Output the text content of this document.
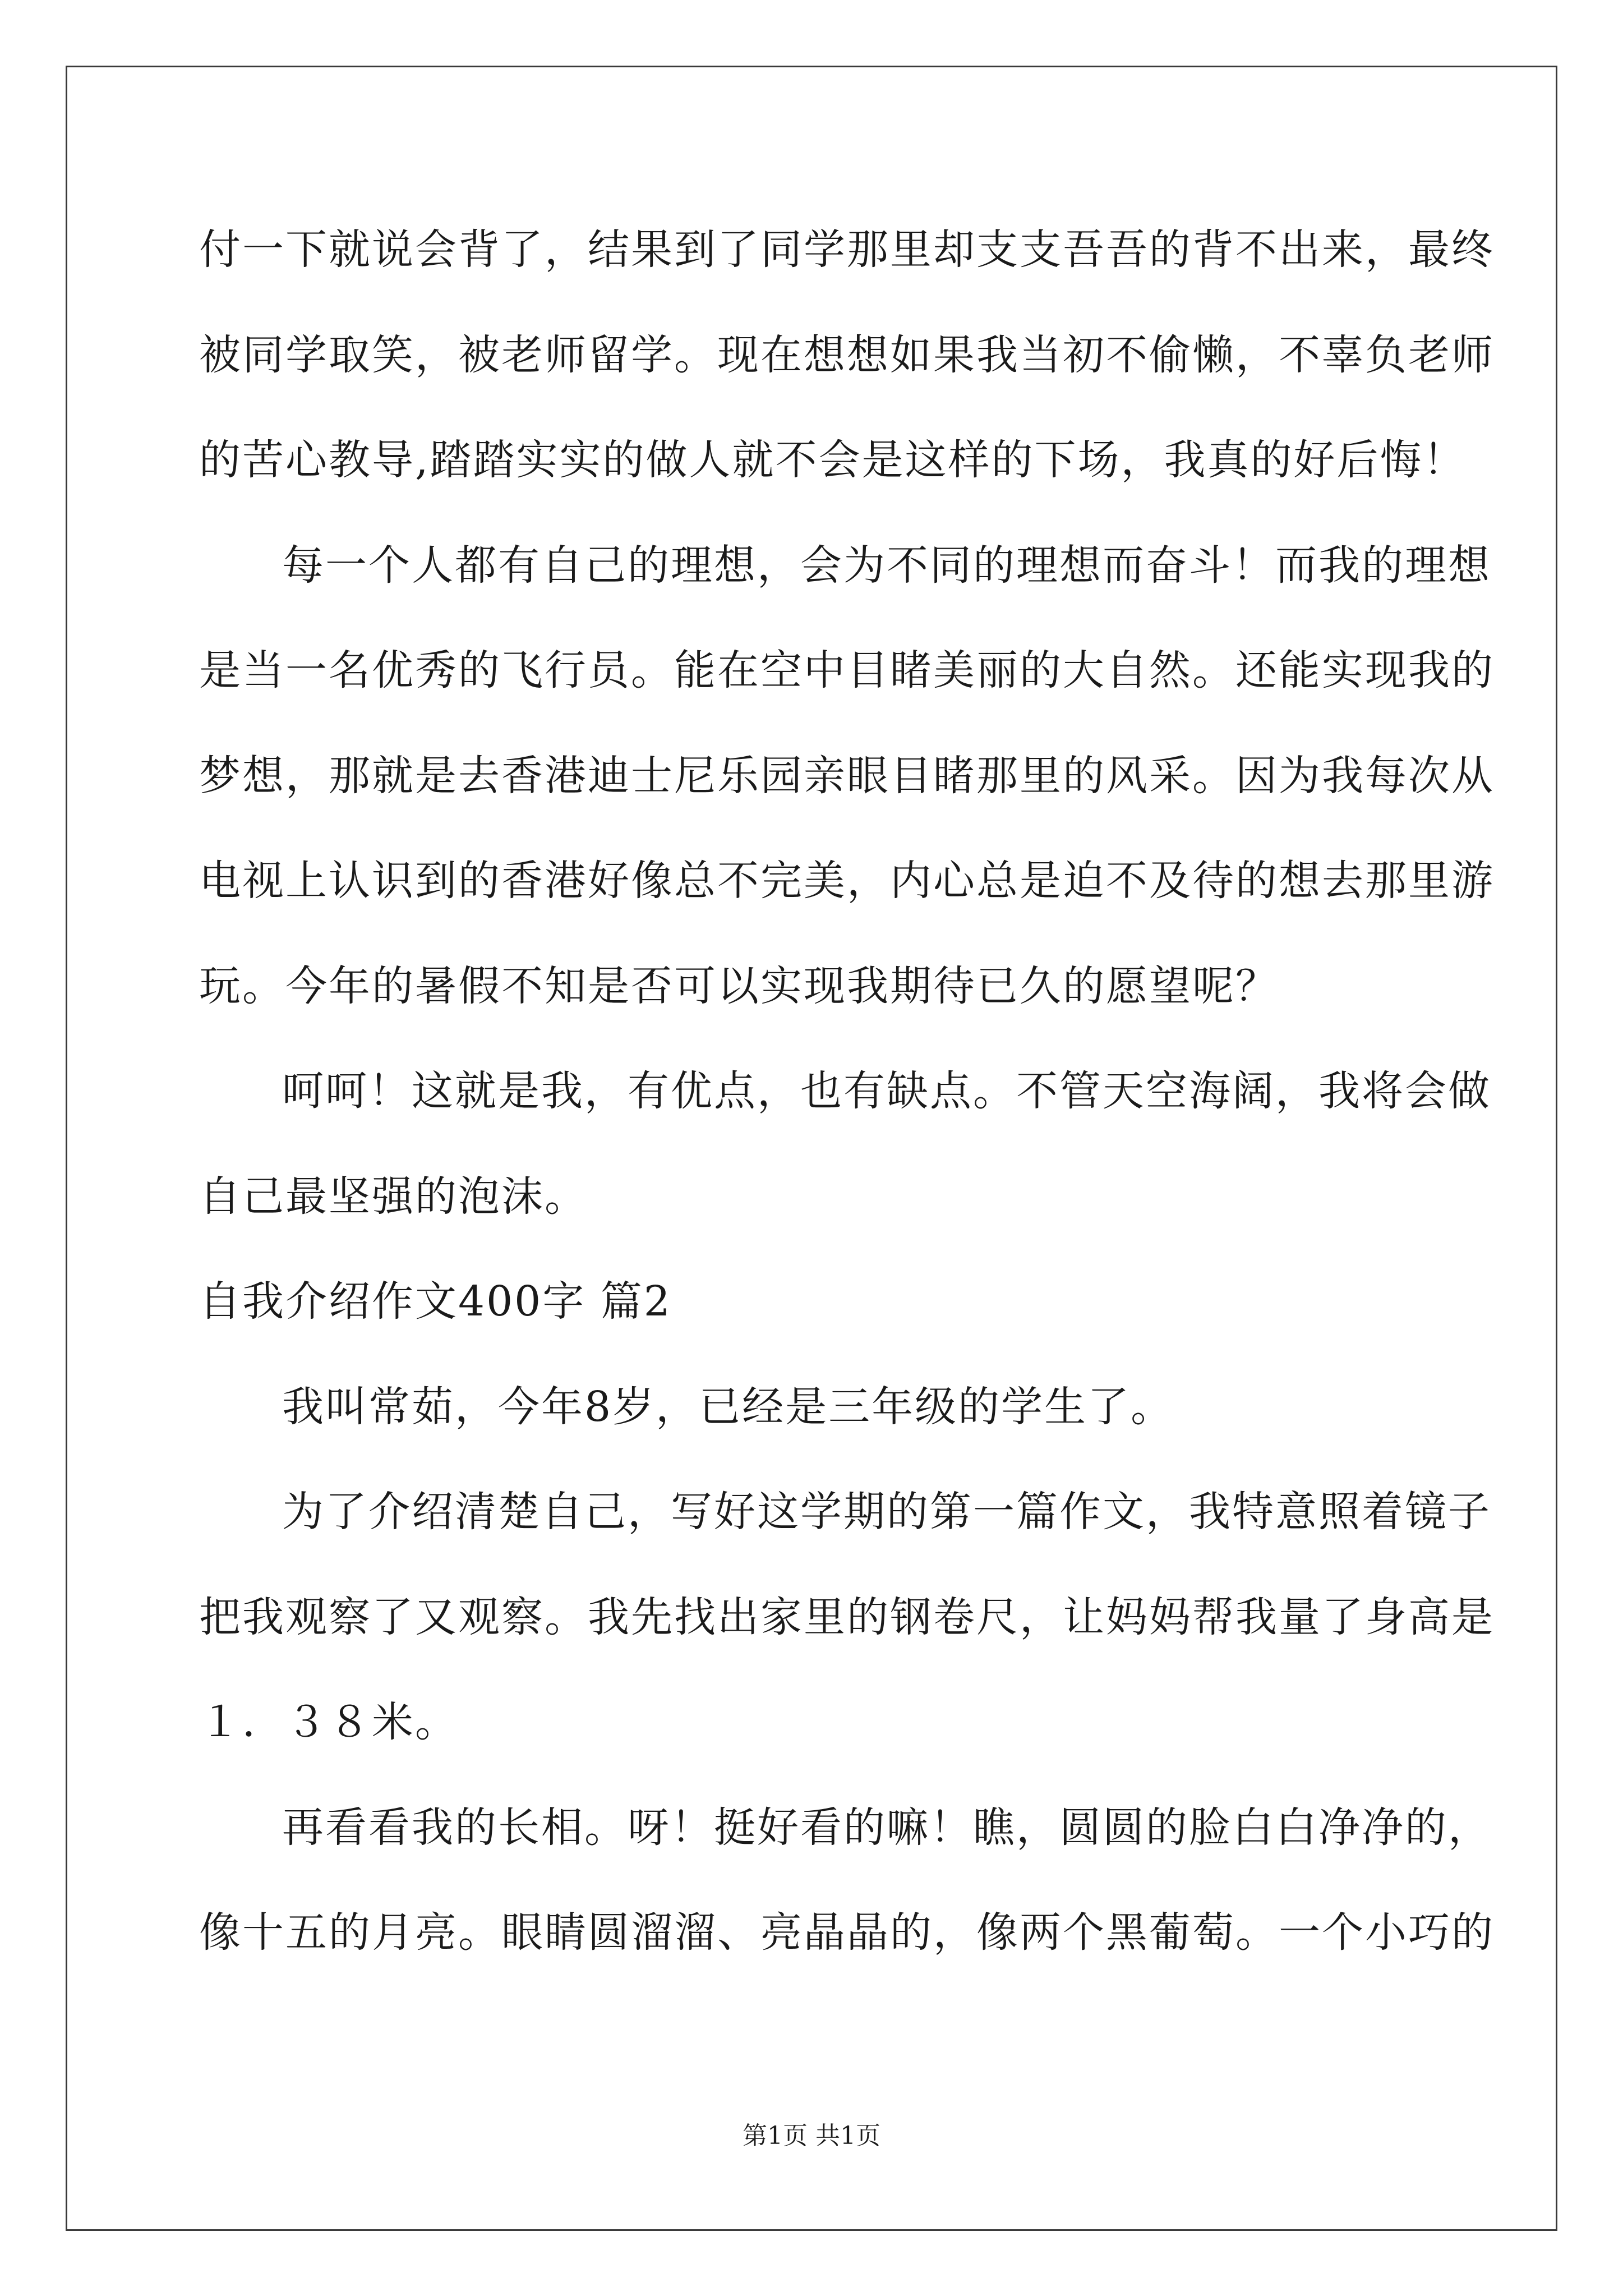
付一下就说会背了，结果到了同学那里却支支吾吾的背不出来，最终
被同学取笑，被老师留学。现在想想如果我当初不偷懒，不辜负老师
的苦心教导,踏踏实实的做人就不会是这样的下场，我真的好后悔！
每一个人都有自己的理想，会为不同的理想而奋斗！而我的理想
是当一名优秀的飞行员。能在空中目睹美丽的大自然。还能实现我的
梦想，那就是去香港迪士尼乐园亲眼目睹那里的风采。因为我每次从
电视上认识到的香港好像总不完美，内心总是迫不及待的想去那里游
玩。今年的暑假不知是否可以实现我期待已久的愿望呢？
呵呵！这就是我，有优点，也有缺点。不管天空海阔，我将会做
自己最坚强的泡沫。
自我介绍作文400字 篇2
我叫常茹，今年8岁，已经是三年级的学生了。
为了介绍清楚自己，写好这学期的第一篇作文，我特意照着镜子
把我观察了又观察。我先找出家里的钢卷尺，让妈妈帮我量了身高是
１．３８米。
再看看我的长相。呀！挺好看的嘛！瞧，圆圆的脸白白净净的，
像十五的月亮。眼睛圆溜溜、亮晶晶的，像两个黑葡萄。一个小巧的
第1页 共1页
